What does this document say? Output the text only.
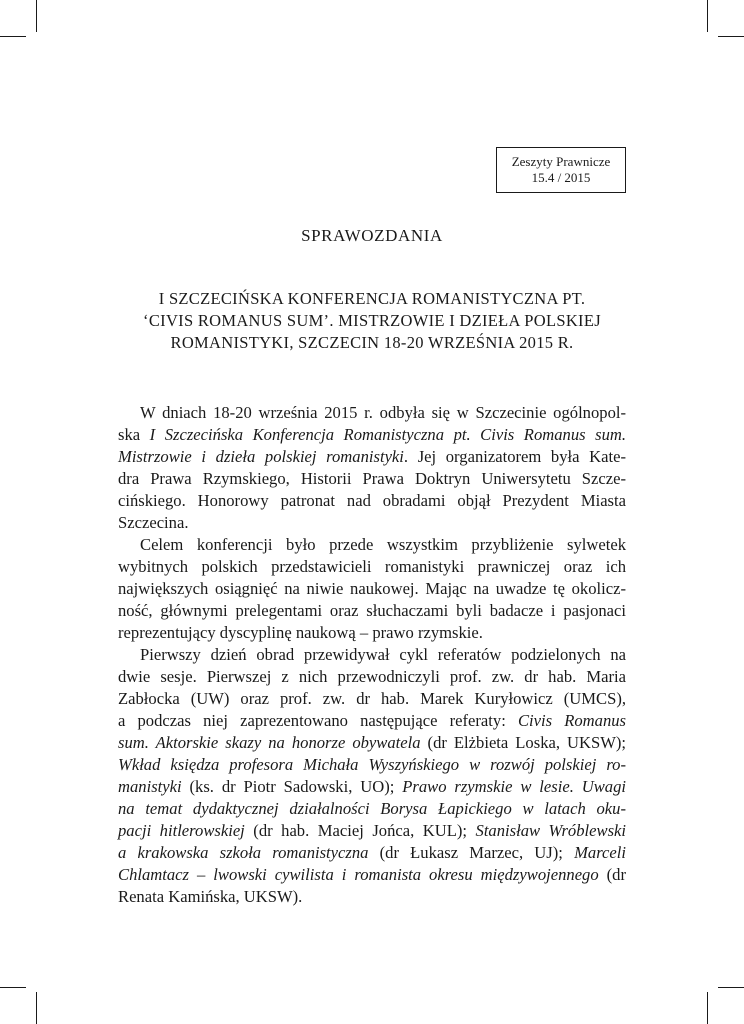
Zeszyty Prawnicze
15.4 / 2015
SPRAWOZDANIA
I SZCZECIŃSKA KONFERENCJA ROMANISTYCZNA PT.
‘CIVIS ROMANUS SUM’. MISTRZOWIE I DZIEŁA POLSKIEJ
ROMANISTYKI, SZCZECIN 18-20 WRZEŚNIA 2015 R.
W dniach 18-20 września 2015 r. odbyła się w Szczecinie ogólnopol-
ska I Szczecińska Konferencja Romanistyczna pt. Civis Romanus sum.
Mistrzowie i dzieła polskiej romanistyki. Jej organizatorem była Kate-
dra Prawa Rzymskiego, Historii Prawa Doktryn Uniwersytetu Szcze-
cińskiego. Honorowy patronat nad obradami objął Prezydent Miasta
Szczecina.
Celem konferencji było przede wszystkim przybliżenie sylwetek
wybitnych polskich przedstawicieli romanistyki prawniczej oraz ich
największych osiągnięć na niwie naukowej. Mając na uwadze tę okolicz-
ność, głównymi prelegentami oraz słuchaczami byli badacze i pasjonaci
reprezentujący dyscyplinę naukową – prawo rzymskie.
Pierwszy dzień obrad przewidywał cykl referatów podzielonych na
dwie sesje. Pierwszej z nich przewodniczyli prof. zw. dr hab. Maria
Zabłocka (UW) oraz prof. zw. dr hab. Marek Kuryłowicz (UMCS),
a podczas niej zaprezentowano następujące referaty: Civis Romanus
sum. Aktorskie skazy na honorze obywatela (dr Elżbieta Loska, UKSW);
Wkład księdza profesora Michała Wyszyńskiego w rozwój polskiej ro-
manistyki (ks. dr Piotr Sadowski, UO); Prawo rzymskie w lesie. Uwagi
na temat dydaktycznej działalności Borysa Łapickiego w latach oku-
pacji hitlerowskiej (dr hab. Maciej Jońca, KUL); Stanisław Wróblewski
a krakowska szkoła romanistyczna (dr Łukasz Marzec, UJ); Marceli
Chlamtacz – lwowski cywilista i romanista okresu międzywojennego (dr
Renata Kamińska, UKSW).
